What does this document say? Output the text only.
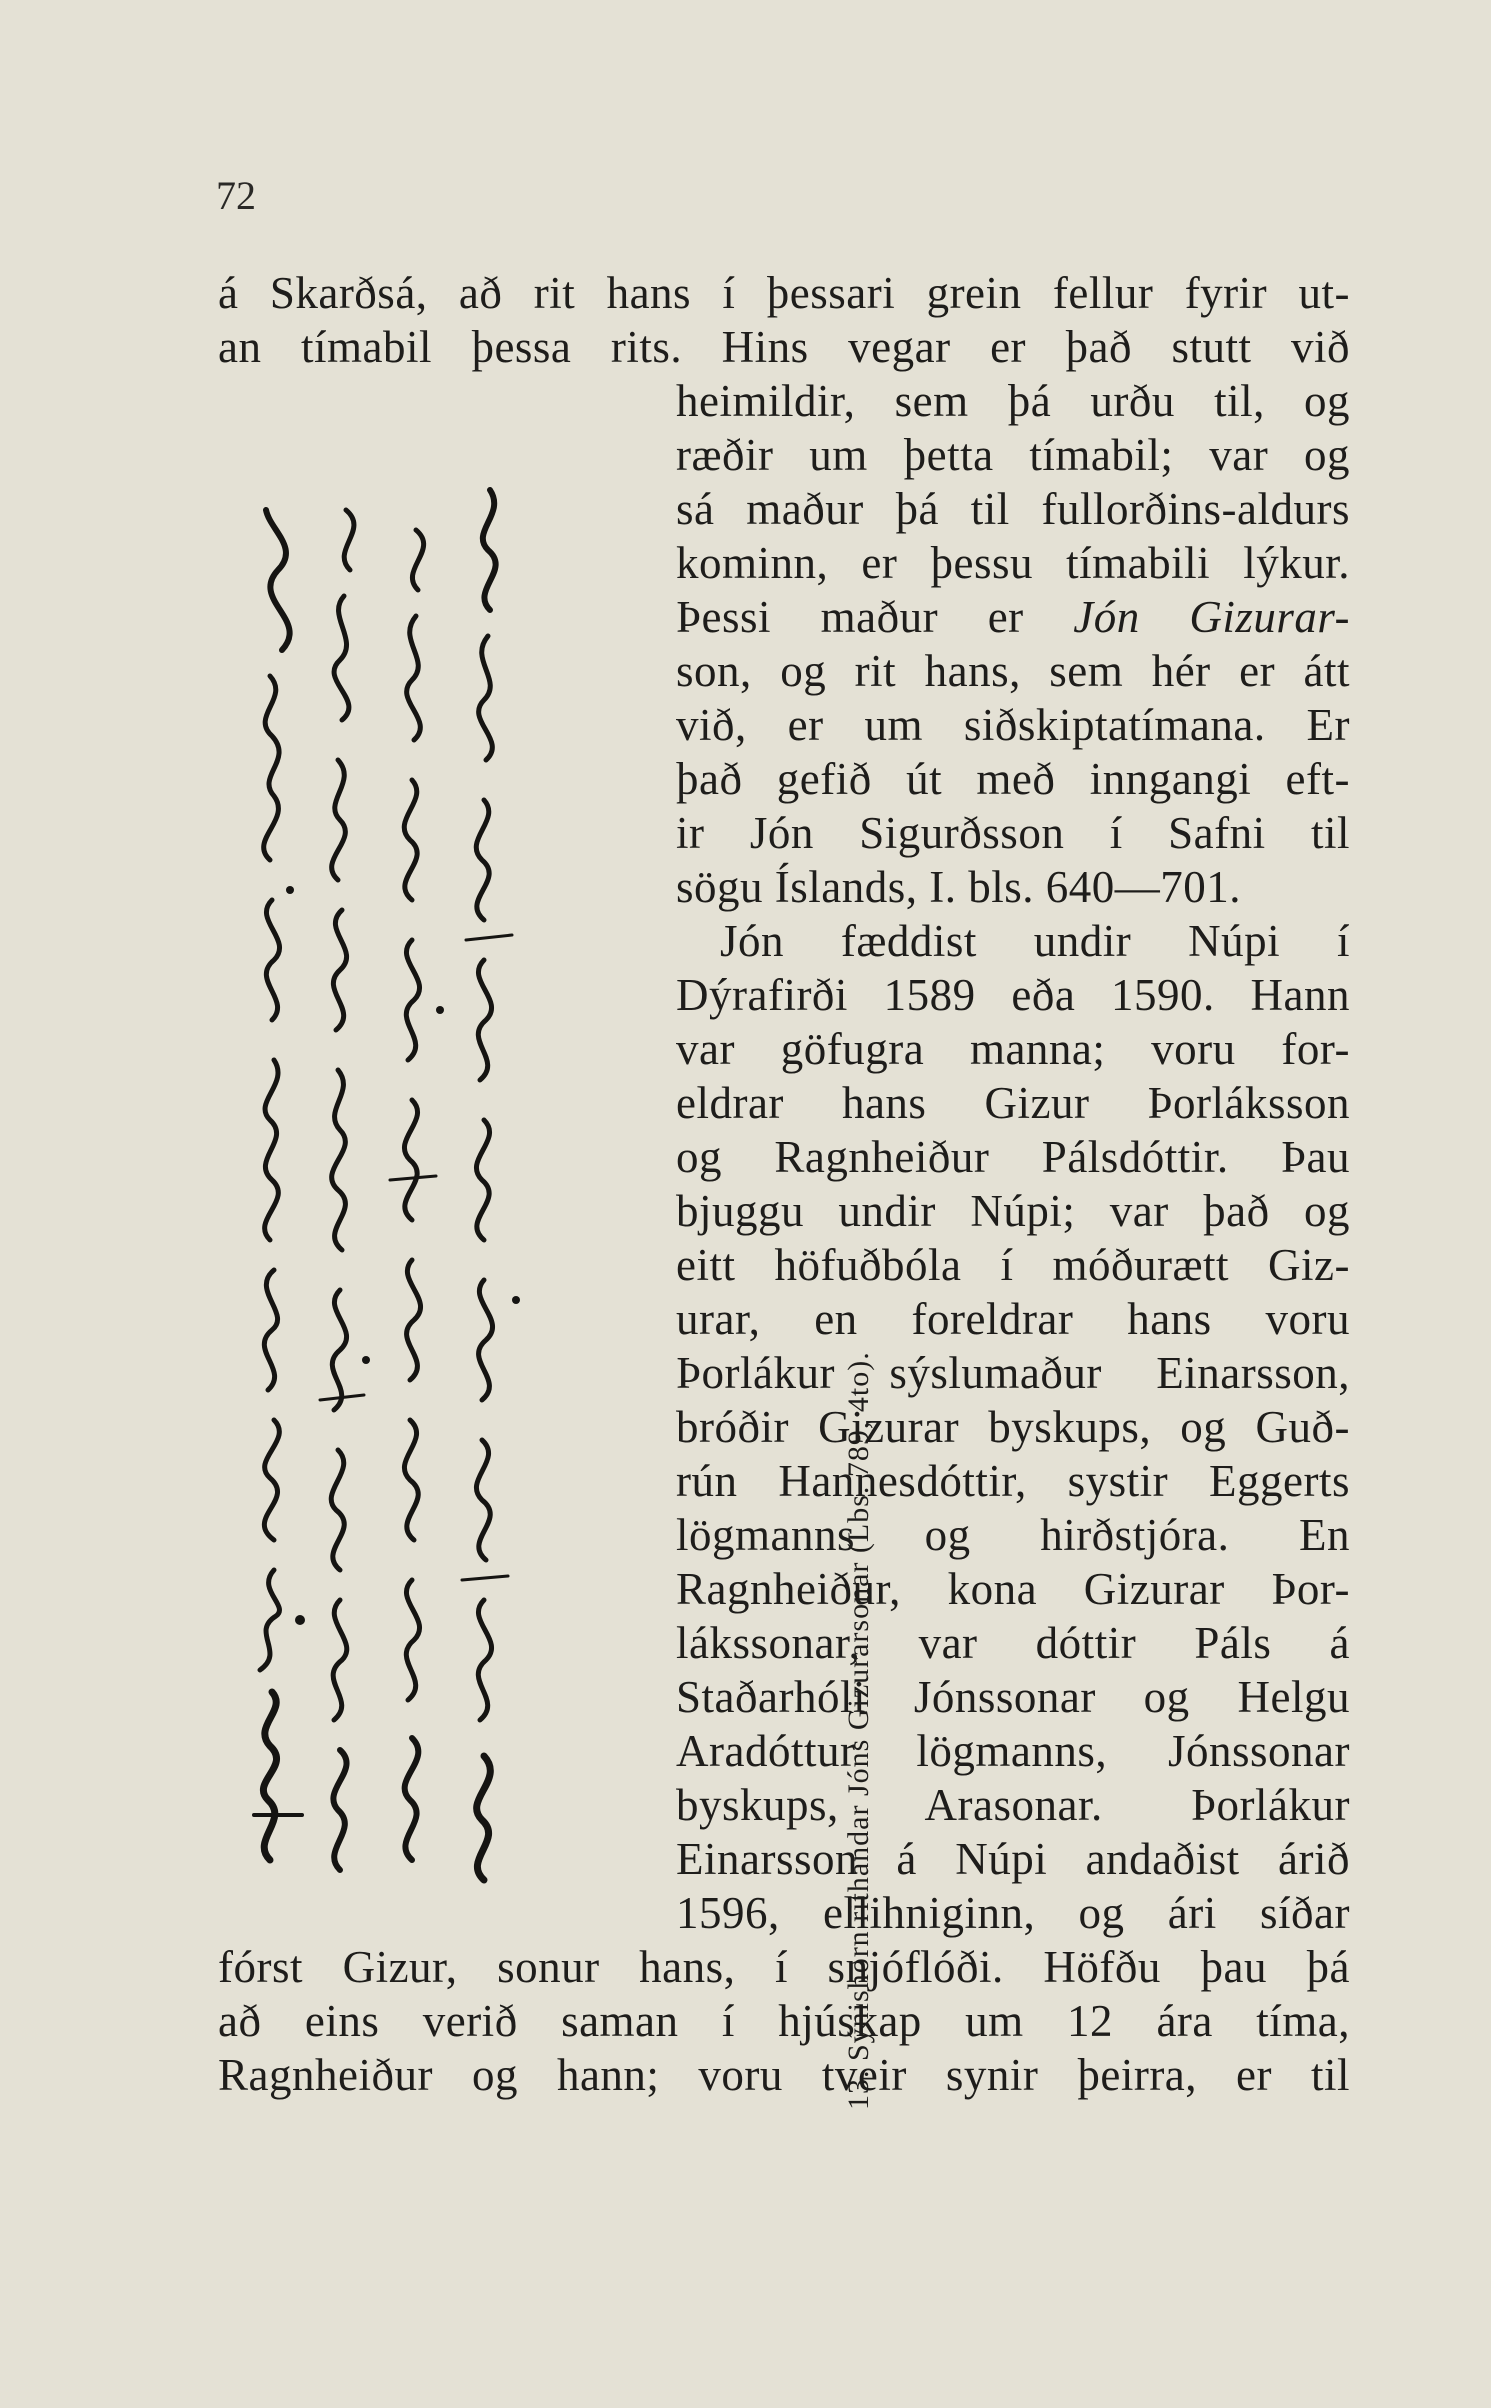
72
á Skarðsá, að rit hans í þessari grein fellur fyrir ut-
an tímabil þessa rits. Hins vegar er það stutt við
heimildir, sem þá urðu til, og
ræðir um þetta tímabil; var og
sá maður þá til fullorðins-aldurs
kominn, er þessu tímabili lýkur.
Þessi maður er Jón Gizurar-
son, og rit hans, sem hér er átt
við, er um siðskiptatímana. Er
það gefið út með inngangi eft-
ir Jón Sigurðsson í Safni til
sögu Íslands, I. bls. 640—701.
Jón fæddist undir Núpi í
Dýrafirði 1589 eða 1590. Hann
var göfugra manna; voru for-
eldrar hans Gizur Þorláksson
og Ragnheiður Pálsdóttir. Þau
bjuggu undir Núpi; var það og
eitt höfuðbóla í móðurætt Giz-
urar, en foreldrar hans voru
Þorlákur sýslumaður Einarsson,
bróðir Gizurar byskups, og Guð-
rún Hannesdóttir, systir Eggerts
lögmanns og hirðstjóra. En
Ragnheiður, kona Gizurar Þor-
lákssonar, var dóttir Páls á
Staðarhóli Jónssonar og Helgu
Aradóttur lögmanns, Jónssonar
byskups, Arasonar. Þorlákur
Einarsson á Núpi andaðist árið
1596, ellihniginn, og ári síðar
fórst Gizur, sonur hans, í snjóflóði. Höfðu þau þá
að eins verið saman í hjúskap um 12 ára tíma,
Ragnheiður og hann; voru tveir synir þeirra, er til
13. Sýnishorn rithandar Jóns Gizurarsonar (Lbs. 789, 4to).
